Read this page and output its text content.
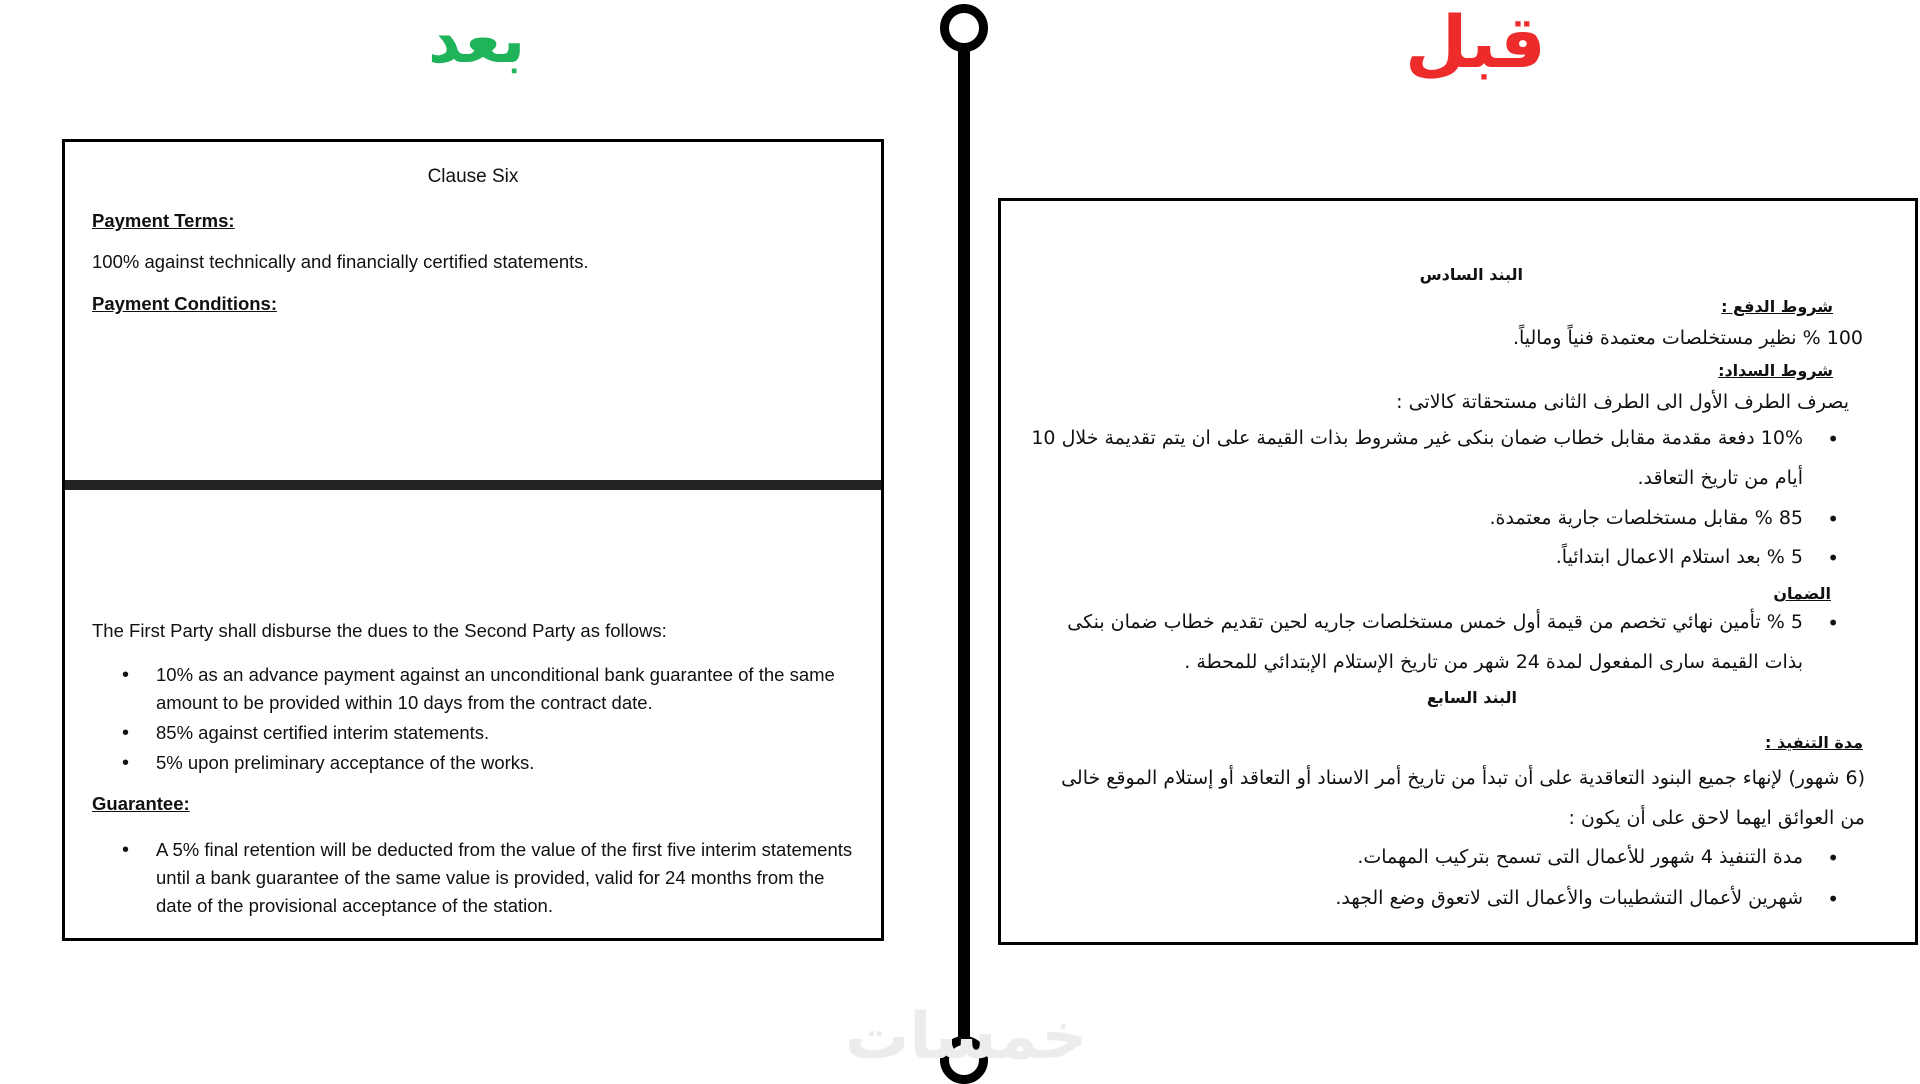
بعد	قبل
خمسات
Clause Six
Payment Terms:
100% against technically and financially certified statements.
Payment Conditions:
The First Party shall disburse the dues to the Second Party as follows:
• 10% as an advance payment against an unconditional bank guarantee of the same amount to be provided within 10 days from the contract date.
• 85% against certified interim statements.
• 5% upon preliminary acceptance of the works.
Guarantee:
• A 5% final retention will be deducted from the value of the first five interim statements until a bank guarantee of the same value is provided, valid for 24 months from the date of the provisional acceptance of the station.
البند السادس
شروط الدفع :
100 % نظير مستخلصات معتمدة فنياً ومالياً.
شروط السداد:
يصرف الطرف الأول الى الطرف الثانى مستحقاتة كالاتى :
•
10% دفعة مقدمة مقابل خطاب ضمان بنكى غير مشروط بذات القيمة على ان يتم تقديمة خلال 10
أيام من تاريخ التعاقد.
•
85 % مقابل مستخلصات جارية معتمدة.
•
5 % بعد استلام الاعمال ابتدائياً.
الضمان
•
5 % تأمين نهائي تخصم من قيمة أول خمس مستخلصات جاريه لحين تقديم خطاب ضمان بنكى
بذات القيمة سارى المفعول لمدة 24 شهر من تاريخ الإستلام الإبتدائي للمحطة .
البند السابع
مدة التنفيذ :
(6 شهور) لإنهاء جميع البنود التعاقدية على أن تبدأ من تاريخ أمر الاسناد أو التعاقد أو إستلام الموقع خالى
من العوائق ايهما لاحق على أن يكون :
•
مدة التنفيذ 4 شهور للأعمال التى تسمح بتركيب المهمات.
•
شهرين لأعمال التشطيبات والأعمال التى لاتعوق وضع الجهد.
